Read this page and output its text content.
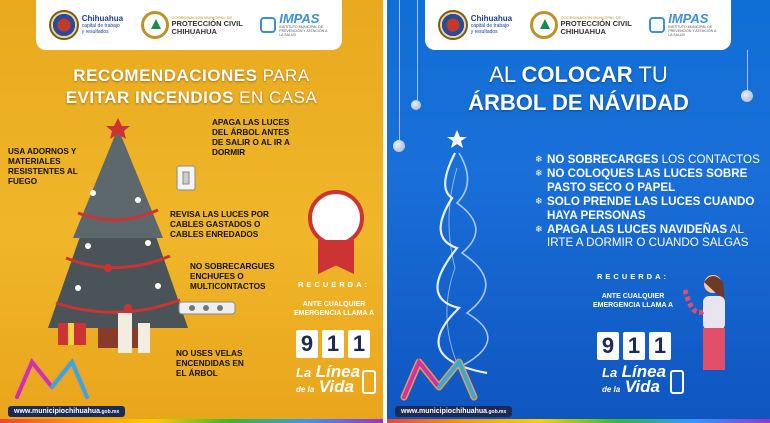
Chihuahua
capital de trabajo
y resultados
COORDINACIÓN MUNICIPAL DE
PROTECCIÓN CIVIL
CHIHUAHUA
IMPAS
INSTITUTO MUNICIPAL DE PREVENCIÓN Y ATENCIÓN A LA SALUD
RECOMENDACIONES PARA
EVITAR INCENDIOS EN CASA
USA ADORNOS Y MATERIALES RESISTENTES AL FUEGO
APAGA LAS LUCES DEL ÁRBOL ANTES DE SALIR O AL IR A DORMIR
REVISA LAS LUCES POR CABLES GASTADOS O CABLES ENREDADOS
NO SOBRECARGUES ENCHUFES O MULTICONTACTOS
NO USES VELAS ENCENDIDAS EN EL ÁRBOL
RECUERDA:
ANTE CUALQUIER EMERGENCIA LLAMA A
9 1 1
La Línea
de la Vida
www.municipiochihuahua.gob.mx
Chihuahua
capital de trabajo
y resultados
COORDINACIÓN MUNICIPAL DE
PROTECCIÓN CIVIL
CHIHUAHUA
IMPAS
INSTITUTO MUNICIPAL DE PREVENCIÓN Y ATENCIÓN A LA SALUD
AL COLOCAR TU
ÁRBOL DE NÁVIDAD
❄ NO SOBRECARGES LOS CONTACTOS
❄ NO COLOQUES LAS LUCES SOBRE PASTO SECO O PAPEL
❄ SOLO PRENDE LAS LUCES CUANDO HAYA PERSONAS
❄ APAGA LAS LUCES NAVIDEÑAS AL IRTE A DORMIR O CUANDO SALGAS
RECUERDA:
ANTE CUALQUIER EMERGENCIA LLAMA A
9 1 1
La Línea
de la Vida
www.municipiochihuahua.gob.mx
